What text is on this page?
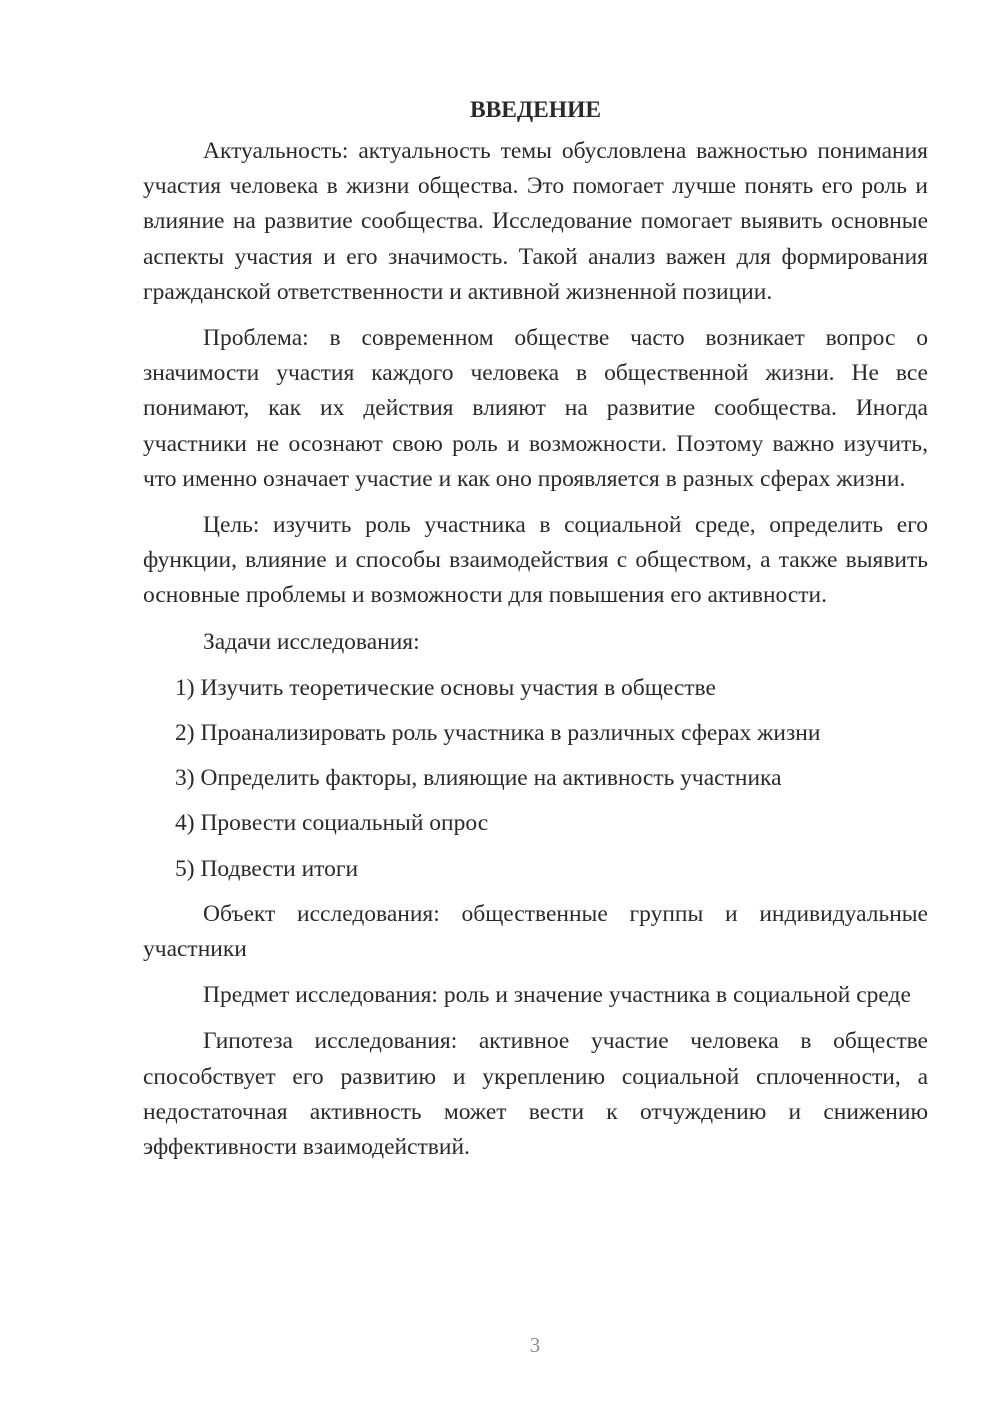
ВВЕДЕНИЕ

Актуальность: актуальность темы обусловлена важностью понимания участия человека в жизни общества. Это помогает лучше понять его роль и влияние на развитие сообщества. Исследование помогает выявить основные аспекты участия и его значимость. Такой анализ важен для формирования гражданской ответственности и активной жизненной позиции.

Проблема: в современном обществе часто возникает вопрос о значимости участия каждого человека в общественной жизни. Не все понимают, как их действия влияют на развитие сообщества. Иногда участники не осознают свою роль и возможности. Поэтому важно изучить, что именно означает участие и как оно проявляется в разных сферах жизни.

Цель: изучить роль участника в социальной среде, определить его функции, влияние и способы взаимодействия с обществом, а также выявить основные проблемы и возможности для повышения его активности.

Задачи исследования:

1) Изучить теоретические основы участия в обществе

2) Проанализировать роль участника в различных сферах жизни

3) Определить факторы, влияющие на активность участника

4) Провести социальный опрос

5) Подвести итоги

Объект исследования: общественные группы и индивидуальные участники

Предмет исследования: роль и значение участника в социальной среде

Гипотеза исследования: активное участие человека в обществе способствует его развитию и укреплению социальной сплоченности, а недостаточная активность может вести к отчуждению и снижению эффективности взаимодействий.

3
